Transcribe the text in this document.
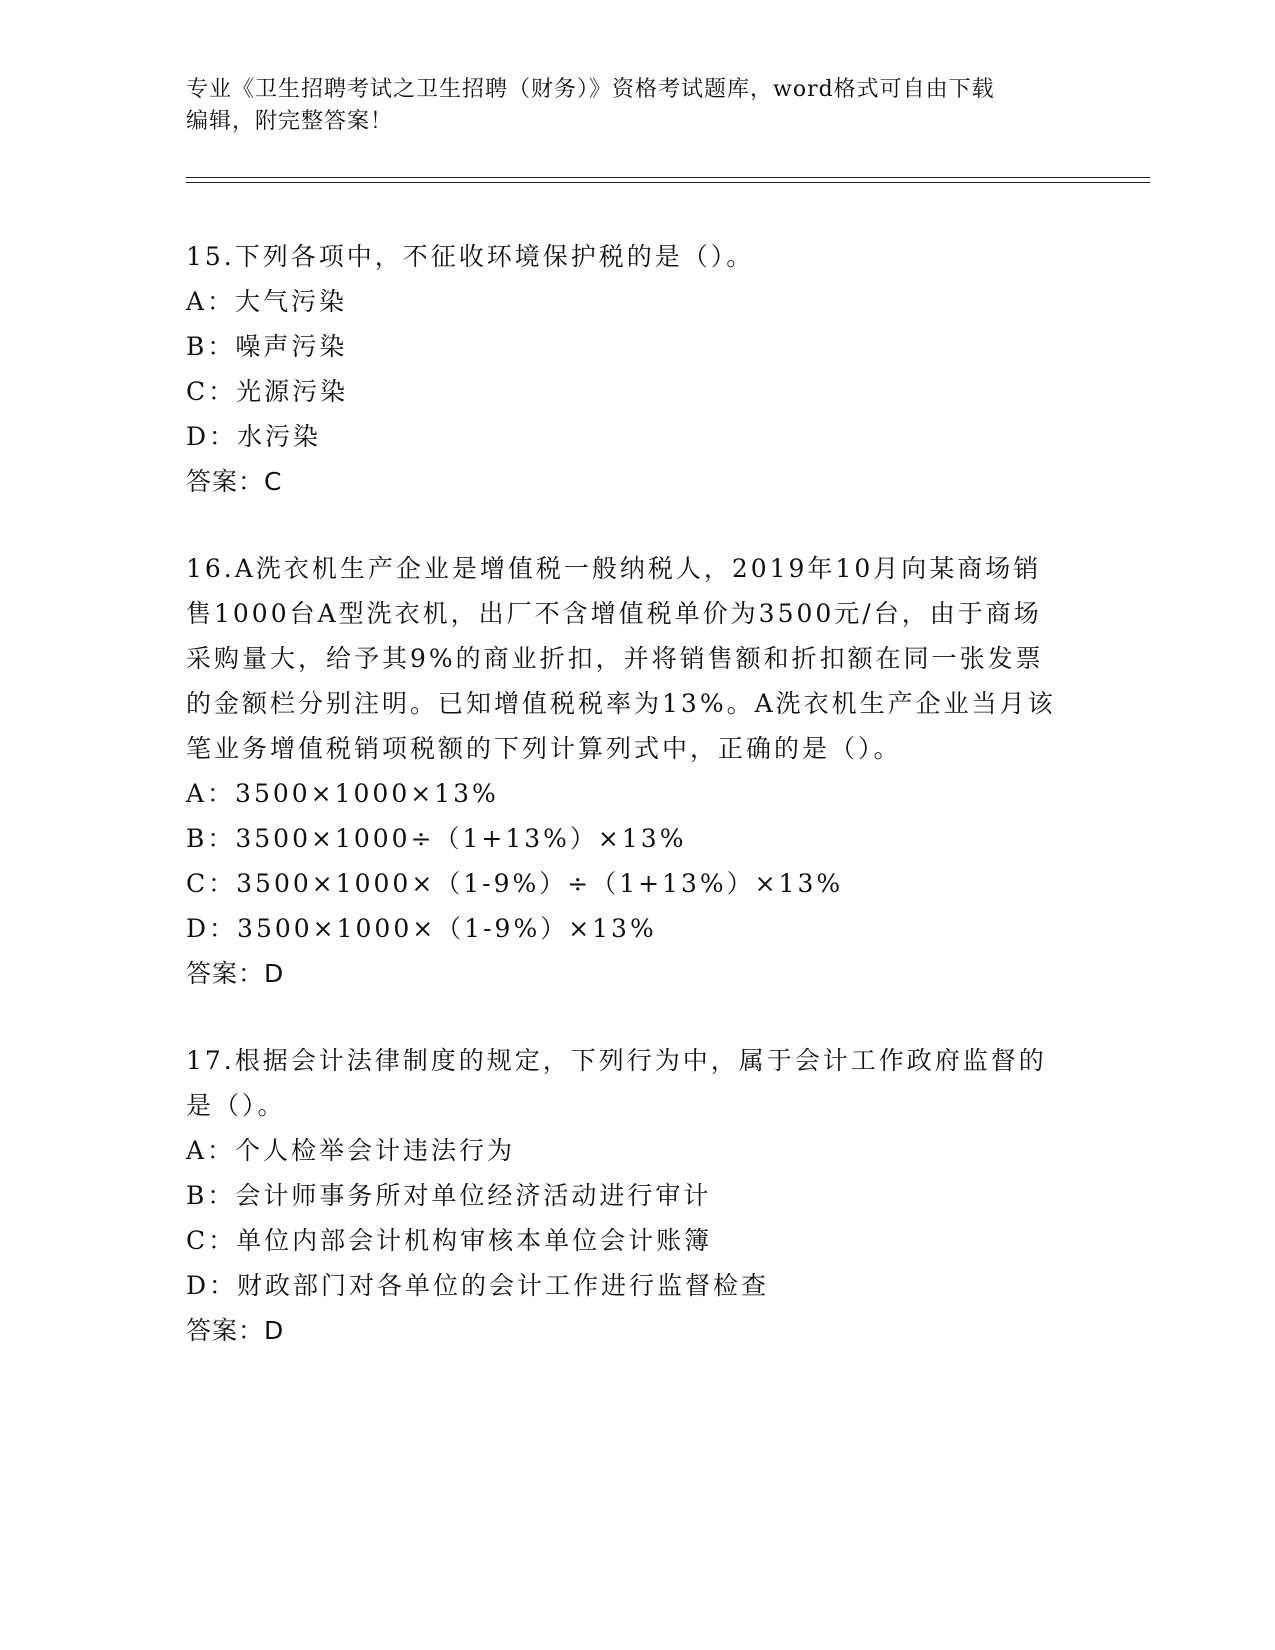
专业《卫生招聘考试之卫生招聘（财务）》资格考试题库，word格式可自由下载
编辑，附完整答案！
15.下列各项中，不征收环境保护税的是（）。
A：大气污染
B：噪声污染
C：光源污染
D：水污染
答案：C
16.A洗衣机生产企业是增值税一般纳税人，2019年10月向某商场销
售1000台A型洗衣机，出厂不含增值税单价为3500元/台，由于商场
采购量大，给予其9%的商业折扣，并将销售额和折扣额在同一张发票
的金额栏分别注明。已知增值税税率为13%。A洗衣机生产企业当月该
笔业务增值税销项税额的下列计算列式中，正确的是（）。
A：3500×1000×13%
B：3500×1000÷（1+13%）×13%
C：3500×1000×（1-9%）÷（1+13%）×13%
D：3500×1000×（1-9%）×13%
答案：D
17.根据会计法律制度的规定，下列行为中，属于会计工作政府监督的
是（）。
A：个人检举会计违法行为
B：会计师事务所对单位经济活动进行审计
C：单位内部会计机构审核本单位会计账簿
D：财政部门对各单位的会计工作进行监督检查
答案：D
